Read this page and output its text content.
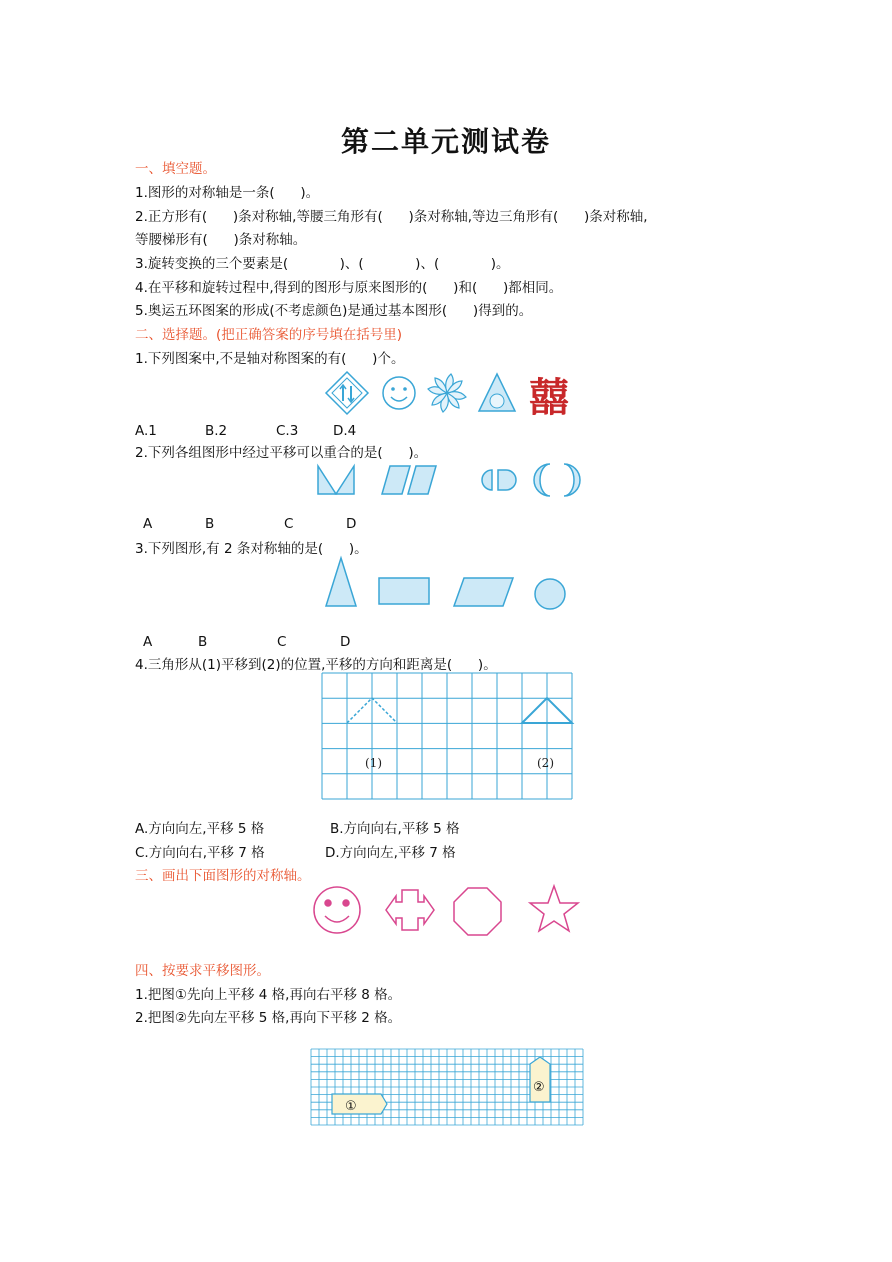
第二单元测试卷
一、填空题。
1.图形的对称轴是一条(      )。
2.正方形有(      )条对称轴,等腰三角形有(      )条对称轴,等边三角形有(      )条对称轴,
等腰梯形有(      )条对称轴。
3.旋转变换的三个要素是(            )、(            )、(            )。
4.在平移和旋转过程中,得到的图形与原来图形的(      )和(      )都相同。
5.奥运五环图案的形成(不考虑颜色)是通过基本图形(      )得到的。
二、选择题。(把正确答案的序号填在括号里)
1.下列图案中,不是轴对称图案的有(      )个。
囍
A.1	B.2	C.3	D.4
2.下列各组图形中经过平移可以重合的是(      )。
A	B	C	D
3.下列图形,有 2 条对称轴的是(      )。
A	B	C	D
4.三角形从(1)平移到(2)的位置,平移的方向和距离是(      )。
(1)	(2)
A.方向向左,平移 5 格	B.方向向右,平移 5 格
C.方向向右,平移 7 格	D.方向向左,平移 7 格
三、画出下面图形的对称轴。
四、按要求平移图形。
1.把图①先向上平移 4 格,再向右平移 8 格。
2.把图②先向左平移 5 格,再向下平移 2 格。
①
②
